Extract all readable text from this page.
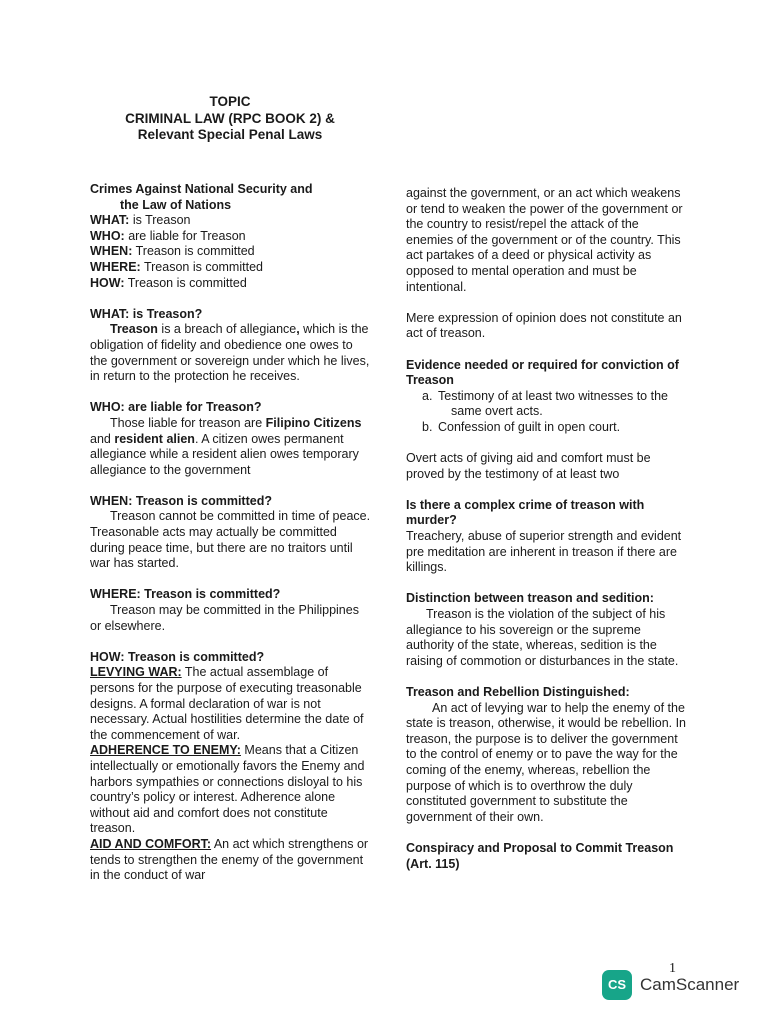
TOPIC
CRIMINAL LAW (RPC BOOK 2) &
Relevant Special Penal Laws
Crimes Against National Security and
the Law of Nations
WHAT: is Treason
WHO: are liable for Treason
WHEN: Treason is committed
WHERE: Treason is committed
HOW: Treason is committed

WHAT: is Treason?

Treason is a breach of allegiance, which is the obligation of fidelity and obedience one owes to the government or sovereign under which he lives, in return to the protection he receives.

WHO: are liable for Treason?

Those liable for treason are Filipino Citizens and resident alien. A citizen owes permanent allegiance while a resident alien owes temporary allegiance to the government

WHEN: Treason is committed?

Treason cannot be committed in time of peace. Treasonable acts may actually be committed during peace time, but there are no traitors until war has started.

WHERE: Treason is committed?

Treason may be committed in the Philippines or elsewhere.

HOW: Treason is committed?
LEVYING WAR: The actual assemblage of persons for the purpose of executing treasonable designs. A formal declaration of war is not necessary. Actual hostilities determine the date of the commencement of war.
ADHERENCE TO ENEMY: Means that a Citizen intellectually or emotionally favors the Enemy and harbors sympathies or connections disloyal to his country’s policy or interest. Adherence alone without aid and comfort does not constitute treason.
AID AND COMFORT: An act which strengthens or tends to strengthen the enemy of the government in the conduct of war

against the government, or an act which weakens or tend to weaken the power of the government or the country to resist/repel the attack of the enemies of the government or of the country. This act partakes of a deed or physical activity as opposed to mental operation and must be intentional.

Mere expression of opinion does not constitute an act of treason.

Evidence needed or required for conviction of Treason
a. Testimony of at least two witnesses to the
same overt acts.
b. Confession of guilt in open court.

Overt acts of giving aid and comfort must be proved by the testimony of at least two

Is there a complex crime of treason with murder?

Treachery, abuse of superior strength and evident pre meditation are inherent in treason if there are killings.

Distinction between treason and sedition:

Treason is the violation of the subject of his allegiance to his sovereign or the supreme authority of the state, whereas, sedition is the raising of commotion or disturbances in the state.

Treason and Rebellion Distinguished:

An act of levying war to help the enemy of the state is treason, otherwise, it would be rebellion. In treason, the purpose is to deliver the government to the control of enemy or to pave the way for the coming of the enemy, whereas, rebellion the purpose of which is to overthrow the duly constituted government to substitute the government of their own.

Conspiracy and Proposal to Commit Treason (Art. 115)
1
CS CamScanner
